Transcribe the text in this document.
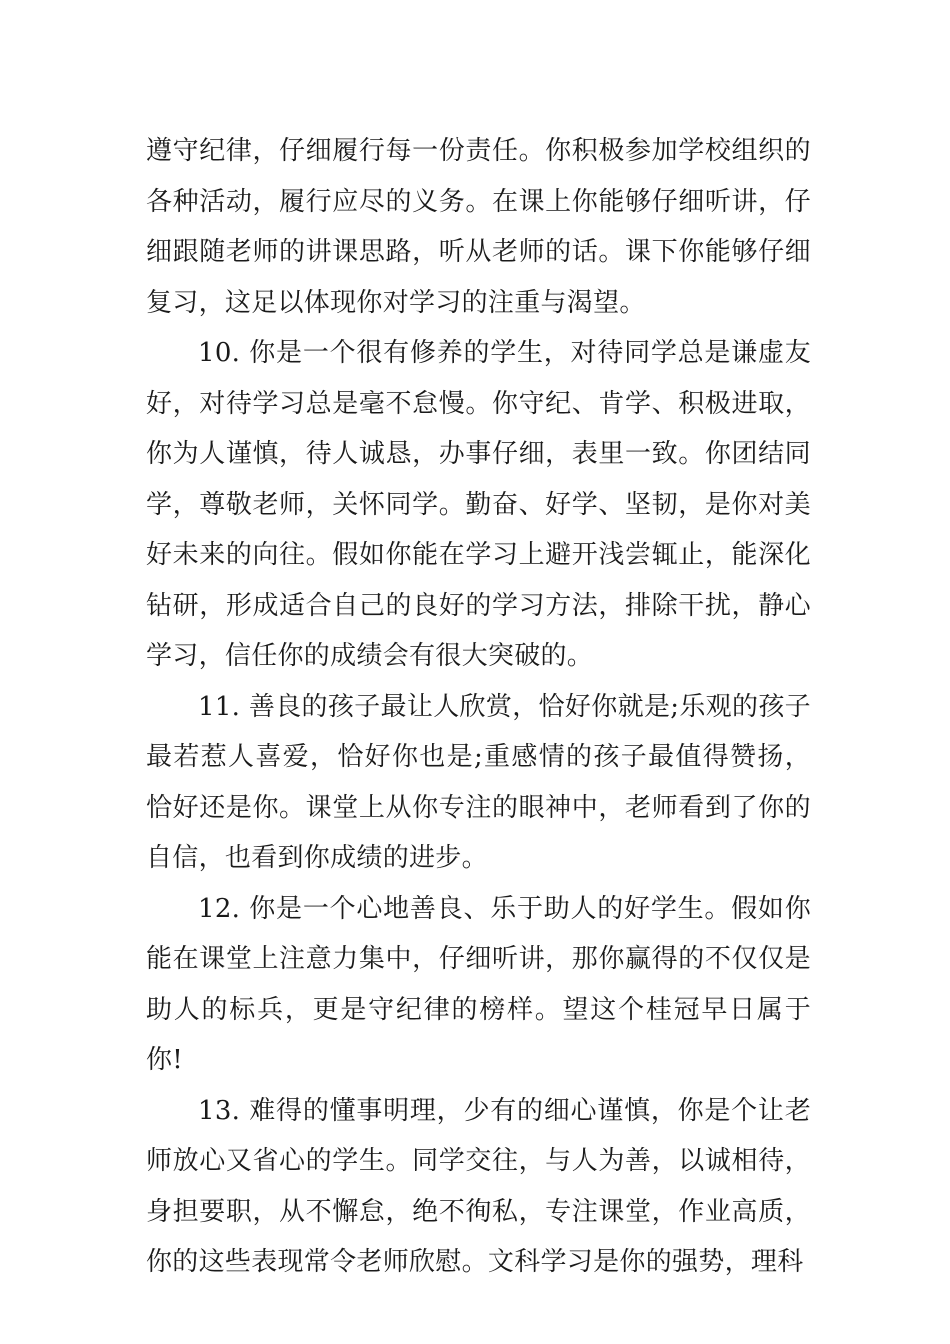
遵守纪律，仔细履行每一份责任。你积极参加学校组织的各种活动，履行应尽的义务。在课上你能够仔细听讲，仔细跟随老师的讲课思路，听从老师的话。课下你能够仔细复习，这足以体现你对学习的注重与渴望。

10. 你是一个很有修养的学生，对待同学总是谦虚友好，对待学习总是毫不怠慢。你守纪、肯学、积极进取，你为人谨慎，待人诚恳，办事仔细，表里一致。你团结同学，尊敬老师，关怀同学。勤奋、好学、坚韧，是你对美好未来的向往。假如你能在学习上避开浅尝辄止，能深化钻研，形成适合自己的良好的学习方法，排除干扰，静心学习，信任你的成绩会有很大突破的。

11. 善良的孩子最让人欣赏，恰好你就是;乐观的孩子最若惹人喜爱，恰好你也是;重感情的孩子最值得赞扬，恰好还是你。课堂上从你专注的眼神中，老师看到了你的自信，也看到你成绩的进步。

12. 你是一个心地善良、乐于助人的好学生。假如你能在课堂上注意力集中，仔细听讲，那你赢得的不仅仅是助人的标兵，更是守纪律的榜样。望这个桂冠早日属于你!

13. 难得的懂事明理，少有的细心谨慎，你是个让老师放心又省心的学生。同学交往，与人为善，以诚相待，身担要职，从不懈怠，绝不徇私，专注课堂，作业高质，你的这些表现常令老师欣慰。文科学习是你的强势，理科
